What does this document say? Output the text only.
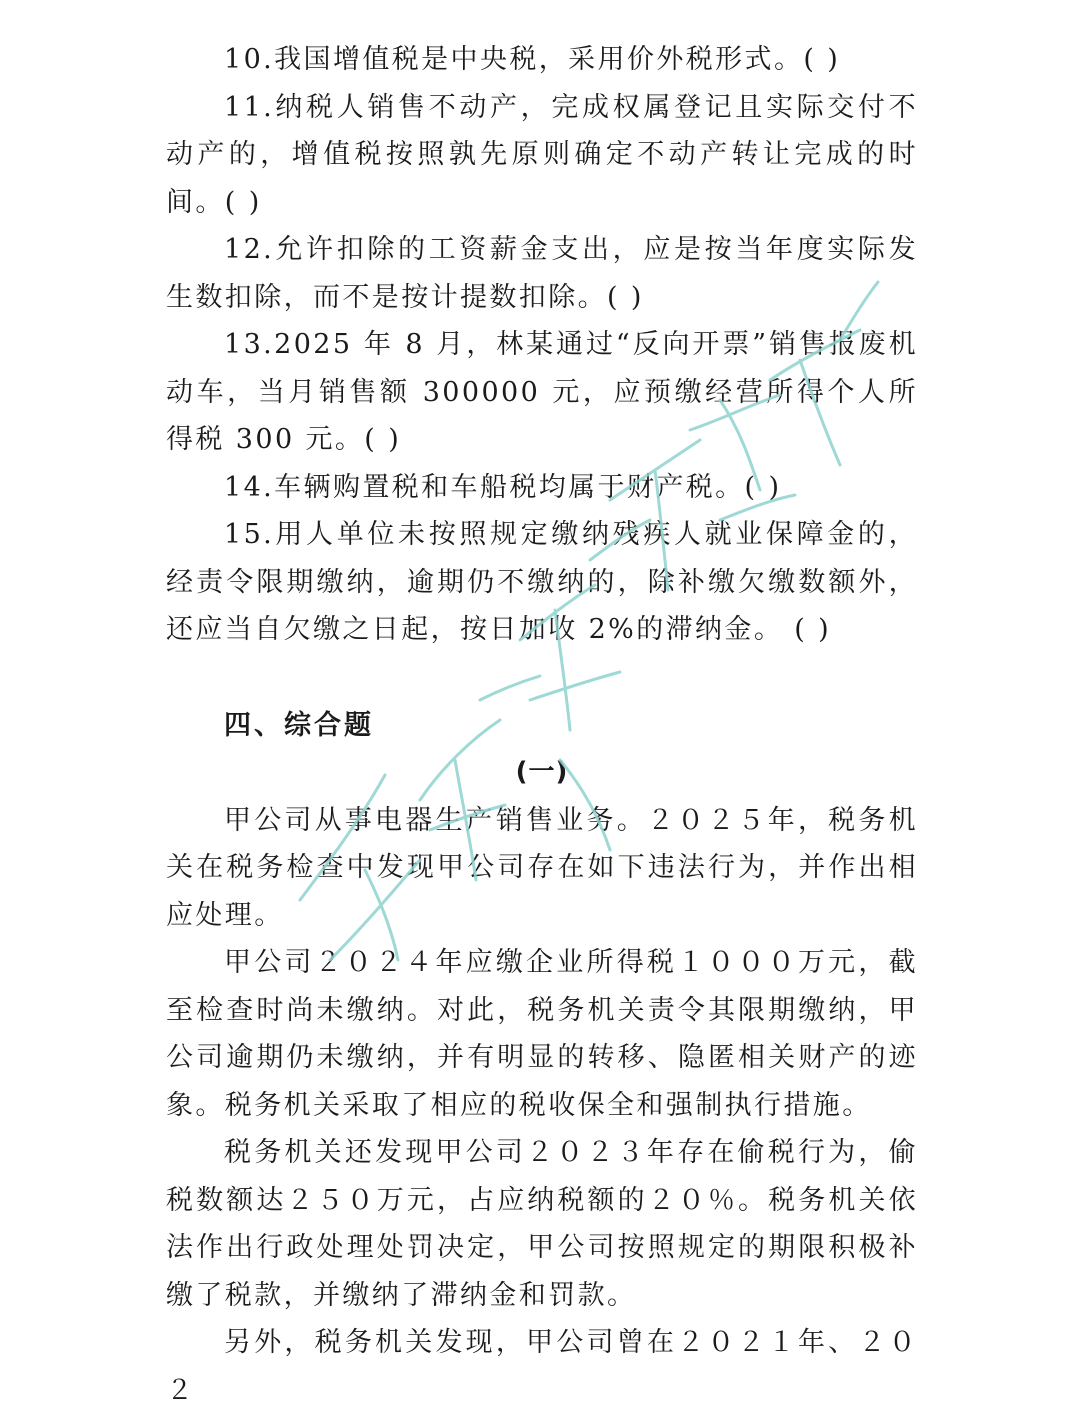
10.我国增值税是中央税，采用价外税形式。( )

11.纳税人销售不动产，完成权属登记且实际交付不动产的，增值税按照孰先原则确定不动产转让完成的时间。( )

12.允许扣除的工资薪金支出，应是按当年度实际发生数扣除，而不是按计提数扣除。( )

13.2025 年 8 月，林某通过“反向开票”销售报废机动车，当月销售额 300000 元，应预缴经营所得个人所得税 300 元。( )

14.车辆购置税和车船税均属于财产税。( )

15.用人单位未按照规定缴纳残疾人就业保障金的，经责令限期缴纳，逾期仍不缴纳的，除补缴欠缴数额外，还应当自欠缴之日起，按日加收 2%的滞纳金。 ( )

四、综合题

(一)

甲公司从事电器生产销售业务。２０２５年，税务机关在税务检查中发现甲公司存在如下违法行为，并作出相应处理。

甲公司２０２４年应缴企业所得税１０００万元，截至检查时尚未缴纳。对此，税务机关责令其限期缴纳，甲公司逾期仍未缴纳，并有明显的转移、隐匿相关财产的迹象。税务机关采取了相应的税收保全和强制执行措施。

税务机关还发现甲公司２０２３年存在偷税行为，偷税数额达２５０万元，占应纳税额的２０％。税务机关依法作出行政处理处罚决定，甲公司按照规定的期限积极补缴了税款，并缴纳了滞纳金和罚款。

另外，税务机关发现，甲公司曾在２０２１年、２０２
